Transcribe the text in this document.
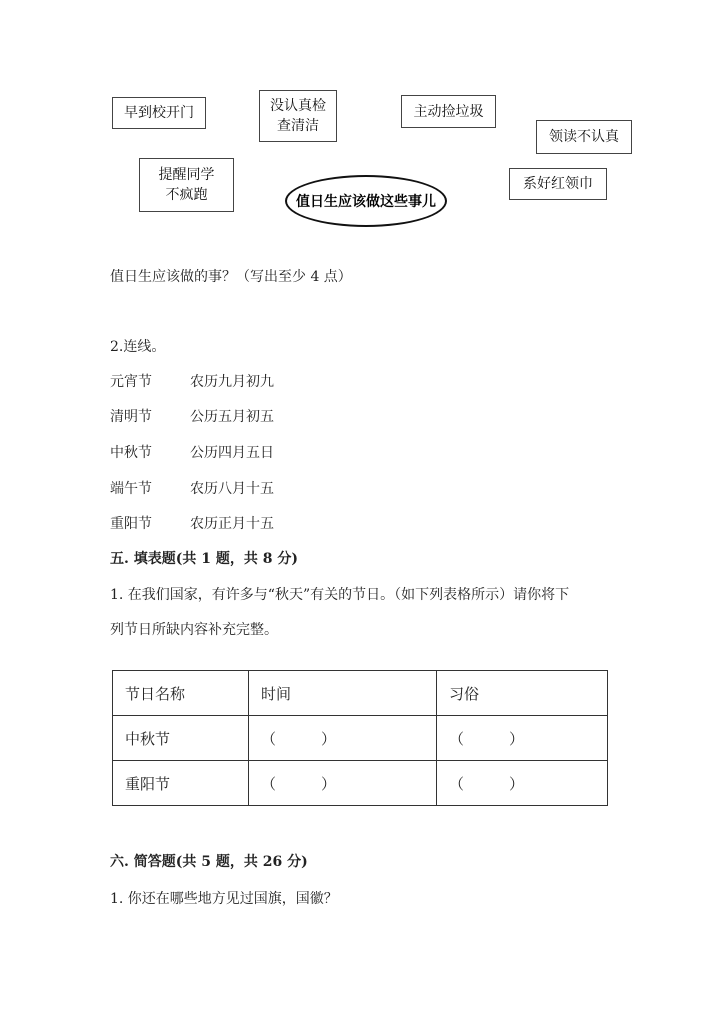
早到校开门	没认真检
查清洁
主动捡垃圾
领读不认真
提醒同学
不疯跑	值日生应该做这些事儿
系好红领巾
值日生应该做的事？（写出至少 4 点）
2.连线。
元宵节	农历九月初九
清明节	公历五月初五
中秋节	公历四月五日
端午节	农历八月十五
重阳节	农历正月十五
五. 填表题(共 1 题，共 8 分)
1. 在我们国家，有许多与“秋天”有关的节日。（如下列表格所示）请你将下
列节日所缺内容补充完整。
节日名称	时间	习俗
中秋节	（　　　）	（　　　）
重阳节	（　　　）	（　　　）
六. 简答题(共 5 题，共 26 分)
1. 你还在哪些地方见过国旗，国徽？
